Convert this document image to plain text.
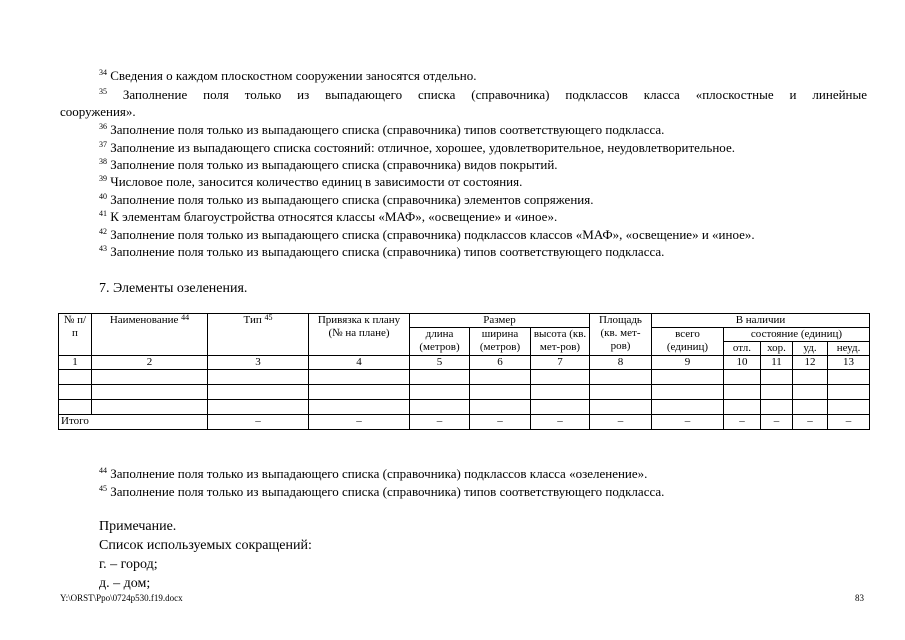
$^{34}$ Сведения о каждом плоскостном сооружении заносятся отдельно.
$^{35}$ Заполнение поля только из выпадающего списка (справочника) подклассов класса «плоскостные и линейные
сооружения».
$^{36}$ Заполнение поля только из выпадающего списка (справочника) типов соответствующего подкласса.
$^{37}$ Заполнение из выпадающего списка состояний: отличное, хорошее, удовлетворительное, неудовлетворительное.
$^{38}$ Заполнение поля только из выпадающего списка (справочника) видов покрытий.
$^{39}$ Числовое поле, заносится количество единиц в зависимости от состояния.
$^{40}$ Заполнение поля только из выпадающего списка (справочника) элементов сопряжения.
$^{41}$ К элементам благоустройства относятся классы «МАФ», «освещение» и «иное».
$^{42}$ Заполнение поля только из выпадающего списка (справочника) подклассов классов «МАФ», «освещение» и «иное».
$^{43}$ Заполнение поля только из выпадающего списка (справочника) типов соответствующего подкласса.
7. Элементы озеленения.
№ п/п	Наименование $^{44}$	Тип $^{45}$	Привязка к плану (№ на плане)	Размер			Площадь (кв. мет-ров)	В наличии				
				длина (метров)	ширина (метров)	высота (кв. мет-ров)		всего (единиц)	состояние (единиц)			
									отл.	хор.	уд.	неуд.
1	2	3	4	5	6	7	8	9	10	11	12	13

Итого		–	–	–	–	–	–	–	–	–	–	–
$^{44}$ Заполнение поля только из выпадающего списка (справочника) подклассов класса «озеленение».
$^{45}$ Заполнение поля только из выпадающего списка (справочника) типов соответствующего подкласса.
Примечание.
Список используемых сокращений:
г. – город;
д. – дом;
Y:\ORST\Ppo\0724p530.f19.docx	83
